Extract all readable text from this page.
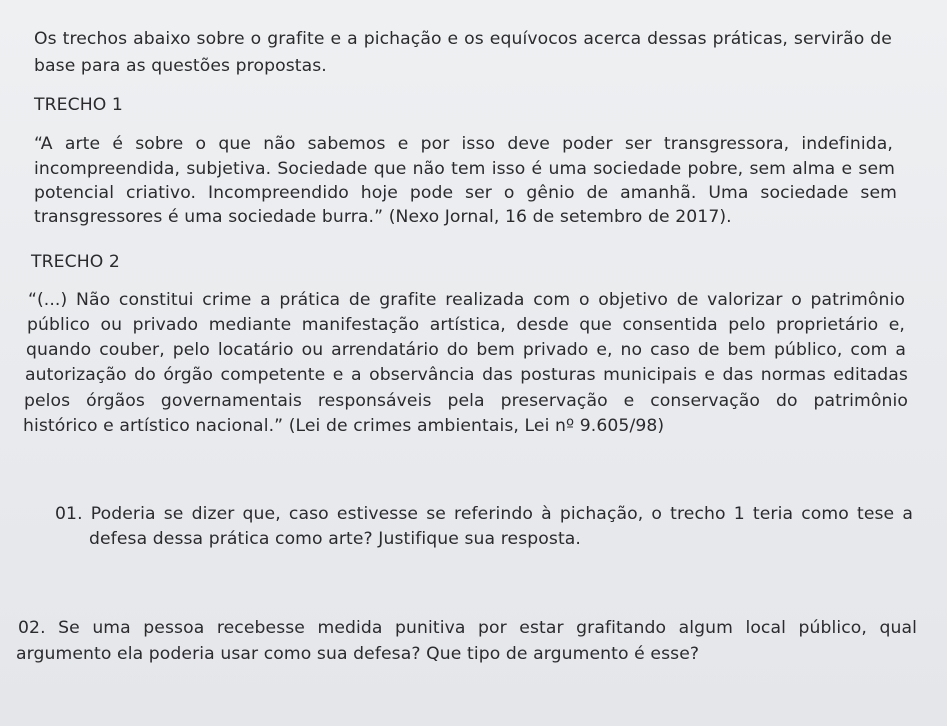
Os trechos abaixo sobre o grafite e a pichação e os equívocos acerca dessas práticas, servirão de
base para as questões propostas.
TRECHO 1
“A arte é sobre o que não sabemos e por isso deve poder ser transgressora, indefinida,
incompreendida, subjetiva. Sociedade que não tem isso é uma sociedade pobre, sem alma e sem
potencial criativo. Incompreendido hoje pode ser o gênio de amanhã. Uma sociedade sem
transgressores é uma sociedade burra.” (Nexo Jornal, 16 de setembro de 2017).
TRECHO 2
“(...) Não constitui crime a prática de grafite realizada com o objetivo de valorizar o patrimônio
público ou privado mediante manifestação artística, desde que consentida pelo proprietário e,
quando couber, pelo locatário ou arrendatário do bem privado e, no caso de bem público, com a
autorização do órgão competente e a observância das posturas municipais e das normas editadas
pelos órgãos governamentais responsáveis pela preservação e conservação do patrimônio
histórico e artístico nacional.” (Lei de crimes ambientais, Lei nº 9.605/98)
01. Poderia se dizer que, caso estivesse se referindo à pichação, o trecho 1 teria como tese a
defesa dessa prática como arte? Justifique sua resposta.
02. Se uma pessoa recebesse medida punitiva por estar grafitando algum local público, qual
argumento ela poderia usar como sua defesa? Que tipo de argumento é esse?
